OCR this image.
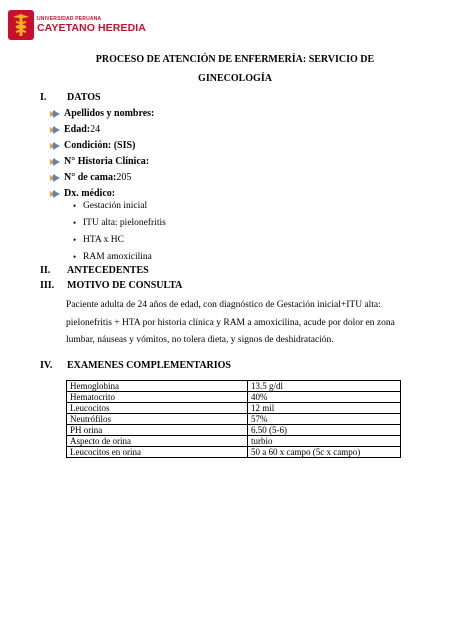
UNIVERSIDAD PERUANA
CAYETANO HEREDIA
PROCESO DE ATENCIÓN DE ENFERMERÍA: SERVICIO DE
GINECOLOGÍA
I. DATOS
Apellidos y nombres:
Edad: 24
Condición: (SIS)
N° Historia Clínica:
N° de cama: 205
Dx. médico:
• Gestación inicial
• ITU alta: pielonefritis
• HTA x HC
• RAM amoxicilina
II. ANTECEDENTES
III. MOTIVO DE CONSULTA
Paciente adulta de 24 años de edad, con diagnóstico de Gestación inicial+ITU alta: pielonefritis + HTA por historia clínica y RAM a amoxicilina, acude por dolor en zona lumbar, náuseas y vómitos, no tolera dieta, y signos de deshidratación.
IV. EXAMENES COMPLEMENTARIOS
Hemoglobina	13.5 g/dl
Hematocrito	40%
Leucocitos	12 mil
Neutrófilos	57%
PH orina	6.50 (5-6)
Aspecto de orina	turbio
Leucocitos en orina	50 a 60 x campo (5c x campo)
